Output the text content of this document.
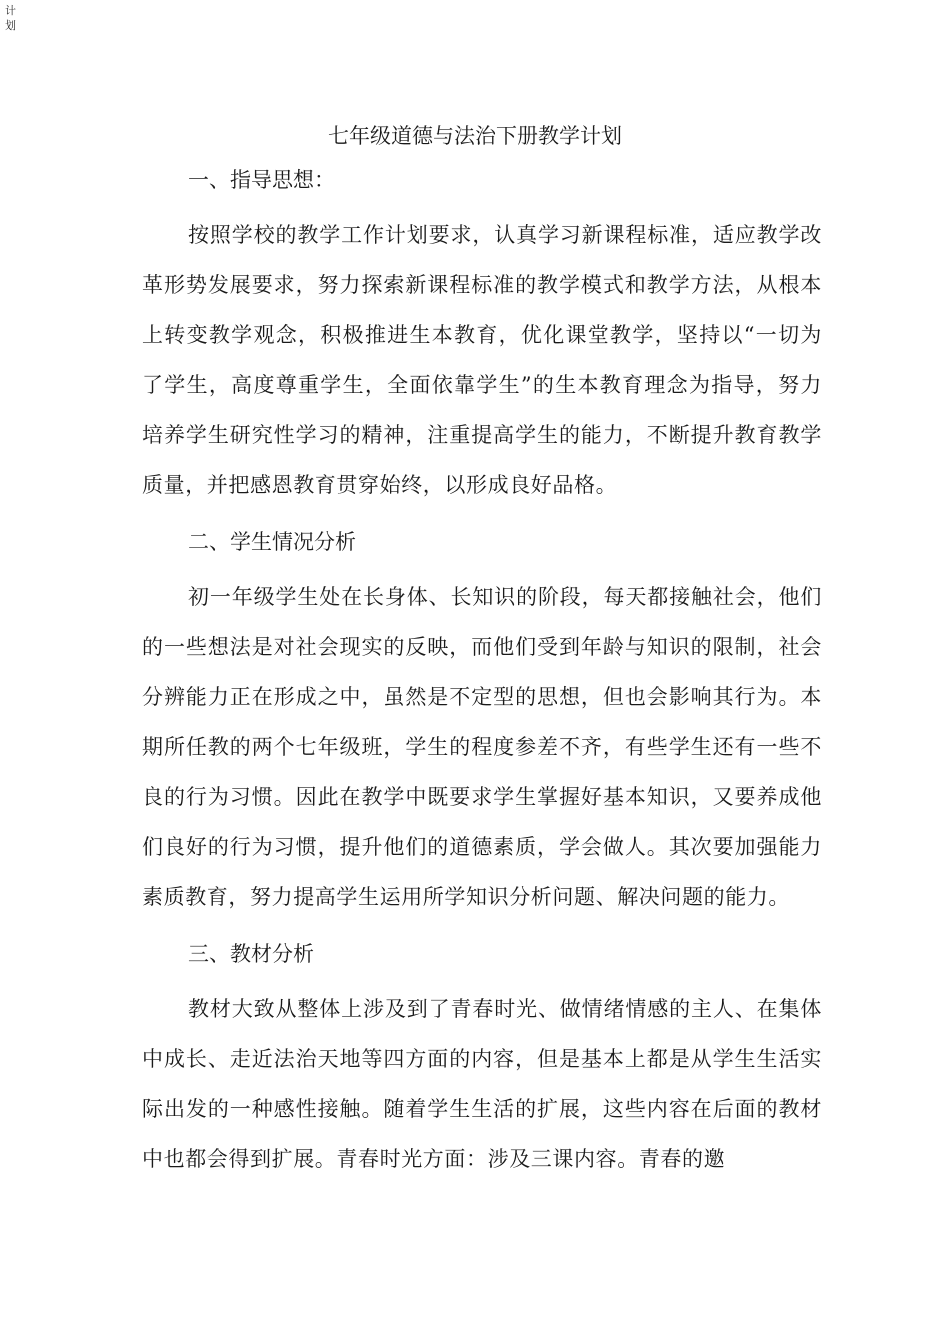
计划
七年级道德与法治下册教学计划
一、指导思想：

按照学校的教学工作计划要求，认真学习新课程标准，适应教学改革形势发展要求，努力探索新课程标准的教学模式和教学方法，从根本上转变教学观念，积极推进生本教育，优化课堂教学，坚持以“一切为了学生，高度尊重学生，全面依靠学生”的生本教育理念为指导，努力培养学生研究性学习的精神，注重提高学生的能力，不断提升教育教学质量，并把感恩教育贯穿始终，以形成良好品格。

二、学生情况分析

初一年级学生处在长身体、长知识的阶段，每天都接触社会，他们的一些想法是对社会现实的反映，而他们受到年龄与知识的限制，社会分辨能力正在形成之中，虽然是不定型的思想，但也会影响其行为。本期所任教的两个七年级班，学生的程度参差不齐，有些学生还有一些不良的行为习惯。因此在教学中既要求学生掌握好基本知识，又要养成他们良好的行为习惯，提升他们的道德素质，学会做人。其次要加强能力素质教育，努力提高学生运用所学知识分析问题、解决问题的能力。

三、教材分析

教材大致从整体上涉及到了青春时光、做情绪情感的主人、在集体中成长、走近法治天地等四方面的内容，但是基本上都是从学生生活实际出发的一种感性接触。随着学生生活的扩展，这些内容在后面的教材中也都会得到扩展。青春时光方面：涉及三课内容。青春的邀
